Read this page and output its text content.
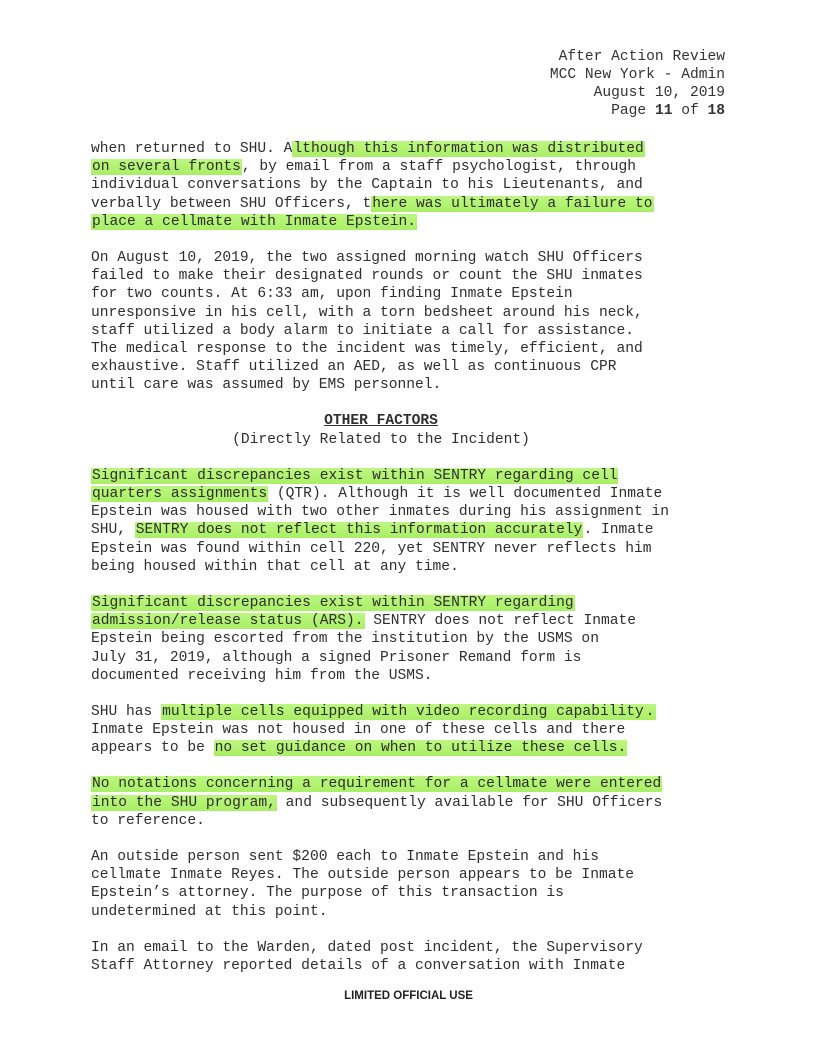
After Action Review
MCC New York - Admin
August 10, 2019
Page 11 of 18
when returned to SHU. Although this information was distributed
on several fronts, by email from a staff psychologist, through
individual conversations by the Captain to his Lieutenants, and
verbally between SHU Officers, there was ultimately a failure to
place a cellmate with Inmate Epstein.
On August 10, 2019, the two assigned morning watch SHU Officers
failed to make their designated rounds or count the SHU inmates
for two counts. At 6:33 am, upon finding Inmate Epstein
unresponsive in his cell, with a torn bedsheet around his neck,
staff utilized a body alarm to initiate a call for assistance.
The medical response to the incident was timely, efficient, and
exhaustive. Staff utilized an AED, as well as continuous CPR
until care was assumed by EMS personnel.
OTHER FACTORS
(Directly Related to the Incident)
Significant discrepancies exist within SENTRY regarding cell
quarters assignments (QTR). Although it is well documented Inmate
Epstein was housed with two other inmates during his assignment in
SHU, SENTRY does not reflect this information accurately. Inmate
Epstein was found within cell 220, yet SENTRY never reflects him
being housed within that cell at any time.
Significant discrepancies exist within SENTRY regarding
admission/release status (ARS). SENTRY does not reflect Inmate
Epstein being escorted from the institution by the USMS on
July 31, 2019, although a signed Prisoner Remand form is
documented receiving him from the USMS.
SHU has multiple cells equipped with video recording capability .
Inmate Epstein was not housed in one of these cells and there
appears to be no set guidance on when to utilize these cells.
No notations concerning a requirement for a cellmate were entered
into the SHU program, and subsequently available for SHU Officers
to reference.
An outside person sent $200 each to Inmate Epstein and his
cellmate Inmate Reyes. The outside person appears to be Inmate
Epstein’s attorney. The purpose of this transaction is
undetermined at this point.
In an email to the Warden, dated post incident, the Supervisory
Staff Attorney reported details of a conversation with Inmate
LIMITED OFFICIAL USE
